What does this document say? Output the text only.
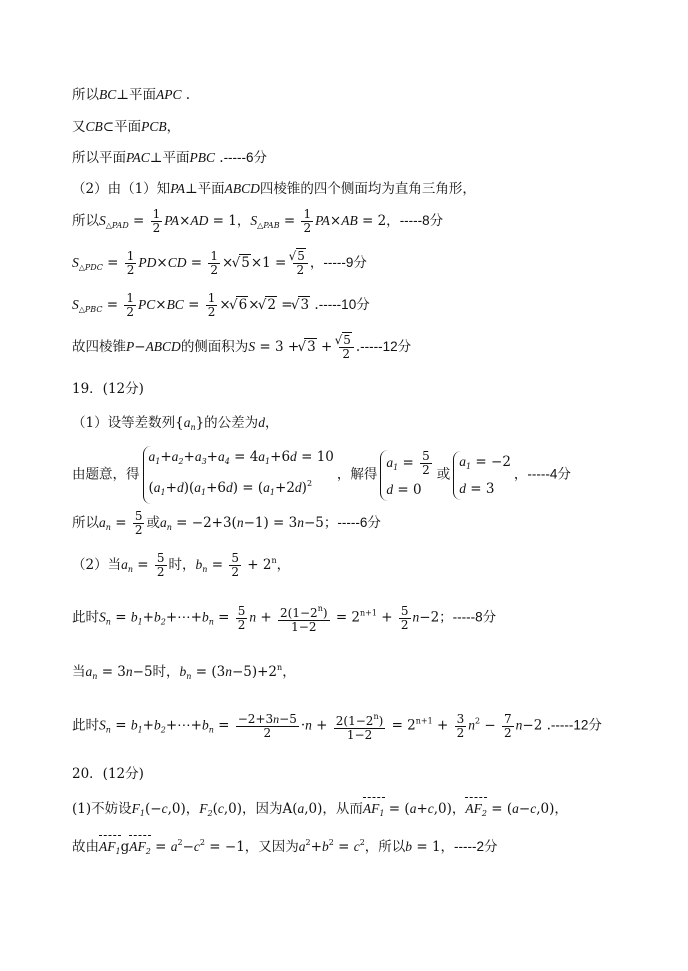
所以BC⊥平面APC .
又CB⊂平面PCB，
所以平面PAC⊥平面PBC .-----6分
（2）由（1）知PA⊥平面ABCD四棱锥的四个侧面均为直角三角形，
所以$S_{\triangle PAD} = \frac{1}{2} PA\times AD = 1$，$S_{\triangle PAB} = \frac{1}{2} PA\times AB = 2$，-----8分
$S_{\triangle PDC} = \frac{1}{2} PD\times CD = \frac{1}{2}$ × √ 5×1 = √ $\frac{5}{2}$ ，-----9分
$S_{\triangle PBC} = \frac{1}{2} PC\times BC = \frac{1}{2}$ × √ 6× √ 2 = √ 3 .-----10分
故四棱锥P−ABCD的侧面积为S = 3 + √ 3 + √ $\frac{5}{2} .-----12$分
19．(12分)
（1）设等差数列$\{a_n\}$的公差为d，
由题意，得
$a_1+a_2+a_3+a_4 = 4a_1+6d = 10$
$(a_1+d)(a_1+6d) = (a_1+2d)^2$
，解得
$a_1 = \frac{5}{2}$
d = 0
或
$a_1 = -2$
d = 3
，-----4分
所以$a_n = \frac{5}{2}$ 或$a_n = -2+3(n-1) = 3n-5$；-----6分
（2）当$a_n = \frac{5}{2}$ 时，$b_n = \frac{5}{2} + 2^n$，
此时$S_n$ = $b_1+b_2+\cdots+b_n = \frac{5}{2}$ $n + \frac{2(1-2^n)}{1-2} = 2^{n+1} + \frac{5}{2} n-2$；-----8分
当$a_n = 3n-5$时，$b_n = (3n-5)+2^n$，
此时$S_n$ = $b_1+b_2+\cdots+b_n = \frac{-2+3n-5}{2} \cdot n + \frac{2(1-2^n)}{1-2} = 2^{n+1} + \frac{3}{2} n^2 - \frac{7}{2} n-2$ .-----12分
20．(12分)
(1)不妨设$F_1(-c,0)$，$F_2(c,0)$，因为A(a,0)，从而$AF_1 = (a+c,0)$，$AF_2 = (a-c,0)$，
故由$AF_1gAF_2 = a^2-c^2 = -1$，又因为$a^2+b^2 = c^2$，所以b = 1，-----2分
